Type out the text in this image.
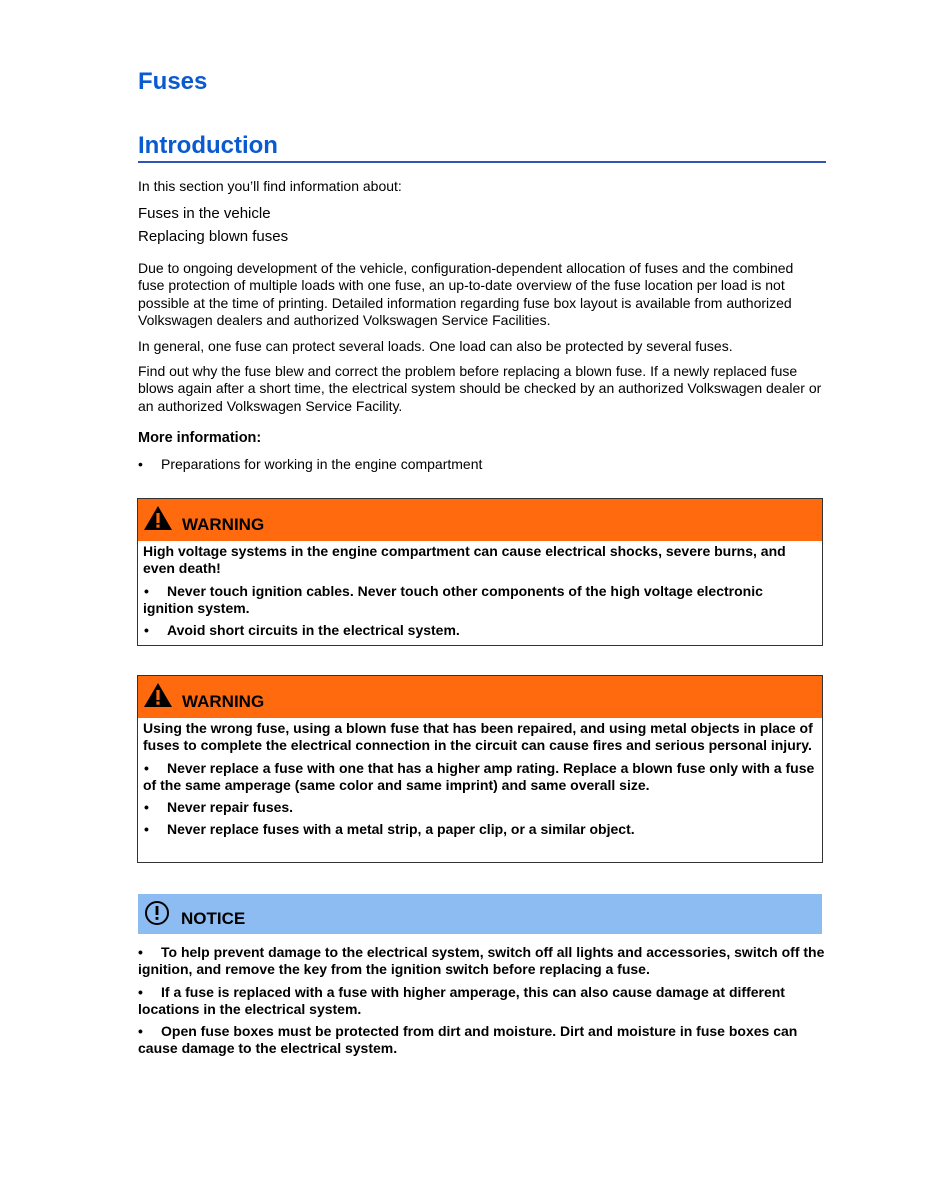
Fuses
Introduction

In this section you’ll find information about:

Fuses in the vehicle
Replacing blown fuses

Due to ongoing development of the vehicle, configuration-dependent allocation of fuses and the combined fuse protection of multiple loads with one fuse, an up-to-date overview of the fuse location per load is not possible at the time of printing. Detailed information regarding fuse box layout is available from authorized Volkswagen dealers and authorized Volkswagen Service Facilities.

In general, one fuse can protect several loads. One load can also be protected by several fuses.

Find out why the fuse blew and correct the problem before replacing a blown fuse. If a newly replaced fuse blows again after a short time, the electrical system should be checked by an authorized Volkswagen dealer or an authorized Volkswagen Service Facility.

More information:
• Preparations for working in the engine compartment
WARNING

High voltage systems in the engine compartment can cause electrical shocks, severe burns, and even death!

• Never touch ignition cables. Never touch other components of the high voltage electronic ignition system.

• Avoid short circuits in the electrical system.

WARNING

Using the wrong fuse, using a blown fuse that has been repaired, and using metal objects in place of fuses to complete the electrical connection in the circuit can cause fires and serious personal injury.

• Never replace a fuse with one that has a higher amp rating. Replace a blown fuse only with a fuse of the same amperage (same color and same imprint) and same overall size.

• Never repair fuses.

• Never replace fuses with a metal strip, a paper clip, or a similar object.

NOTICE

• To help prevent damage to the electrical system, switch off all lights and accessories, switch off the ignition, and remove the key from the ignition switch before replacing a fuse.

• If a fuse is replaced with a fuse with higher amperage, this can also cause damage at different locations in the electrical system.

• Open fuse boxes must be protected from dirt and moisture. Dirt and moisture in fuse boxes can cause damage to the electrical system.
